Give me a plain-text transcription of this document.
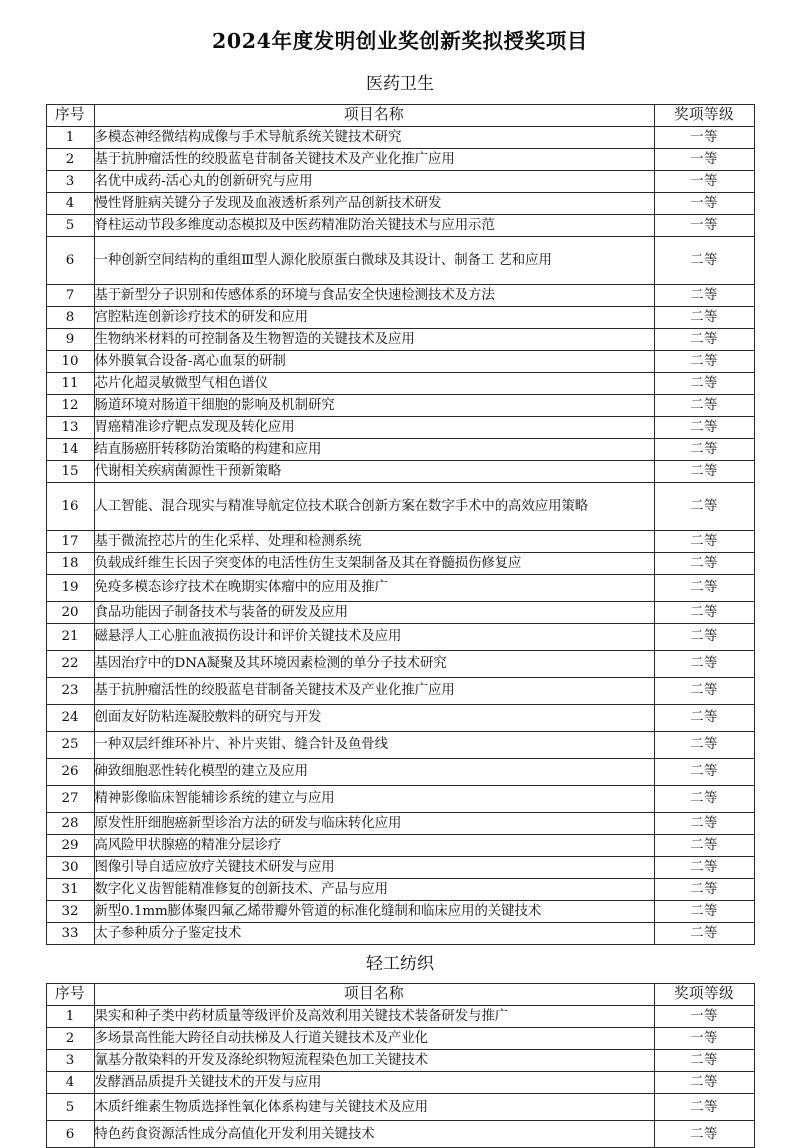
2024年度发明创业奖创新奖拟授奖项目
医药卫生
序号	项目名称	奖项等级
1	多模态神经微结构成像与手术导航系统关键技术研究	一等
2	基于抗肿瘤活性的绞股蓝皂苷制备关键技术及产业化推广应用	一等
3	名优中成药-活心丸的创新研究与应用	一等
4	慢性肾脏病关键分子发现及血液透析系列产品创新技术研发	一等
5	脊柱运动节段多维度动态模拟及中医药精准防治关键技术与应用示范	一等
6	一种创新空间结构的重组Ⅲ型人源化胶原蛋白微球及其设计、制备工 艺和应用	二等
7	基于新型分子识别和传感体系的环境与食品安全快速检测技术及方法	二等
8	宫腔粘连创新诊疗技术的研发和应用	二等
9	生物纳米材料的可控制备及生物智造的关键技术及应用	二等
10	体外膜氧合设备-离心血泵的研制	二等
11	芯片化超灵敏微型气相色谱仪	二等
12	肠道环境对肠道干细胞的影响及机制研究	二等
13	胃癌精准诊疗靶点发现及转化应用	二等
14	结直肠癌肝转移防治策略的构建和应用	二等
15	代谢相关疾病菌源性干预新策略	二等
16	人工智能、混合现实与精准导航定位技术联合创新方案在数字手术中的高效应用策略	二等
17	基于微流控芯片的生化采样、处理和检测系统	二等
18	负载成纤维生长因子突变体的电活性仿生支架制备及其在脊髓损伤修复应	二等
19	免疫多模态诊疗技术在晚期实体瘤中的应用及推广	二等
20	食品功能因子制备技术与装备的研发及应用	二等
21	磁悬浮人工心脏血液损伤设计和评价关键技术及应用	二等
22	基因治疗中的DNA凝聚及其环境因素检测的单分子技术研究	二等
23	基于抗肿瘤活性的绞股蓝皂苷制备关键技术及产业化推广应用	二等
24	创面友好防粘连凝胶敷料的研究与开发	二等
25	一种双层纤维环补片、补片夹钳、缝合针及鱼骨线	二等
26	砷致细胞恶性转化模型的建立及应用	二等
27	精神影像临床智能辅诊系统的建立与应用	二等
28	原发性肝细胞癌新型诊治方法的研发与临床转化应用	二等
29	高风险甲状腺癌的精准分层诊疗	二等
30	图像引导自适应放疗关键技术研发与应用	二等
31	数字化义齿智能精准修复的创新技术、产品与应用	二等
32	新型0.1mm膨体聚四氟乙烯带瓣外管道的标准化缝制和临床应用的关键技术	二等
33	太子参种质分子鉴定技术	二等
轻工纺织
序号	项目名称	奖项等级
1	果实和种子类中药材质量等级评价及高效利用关键技术装备研发与推广	一等
2	多场景高性能大跨径自动扶梯及人行道关键技术及产业化	一等
3	氰基分散染料的开发及涤纶织物短流程染色加工关键技术	二等
4	发酵酒品质提升关键技术的开发与应用	二等
5	木质纤维素生物质选择性氧化体系构建与关键技术及应用	二等
6	特色药食资源活性成分高值化开发利用关键技术	二等
